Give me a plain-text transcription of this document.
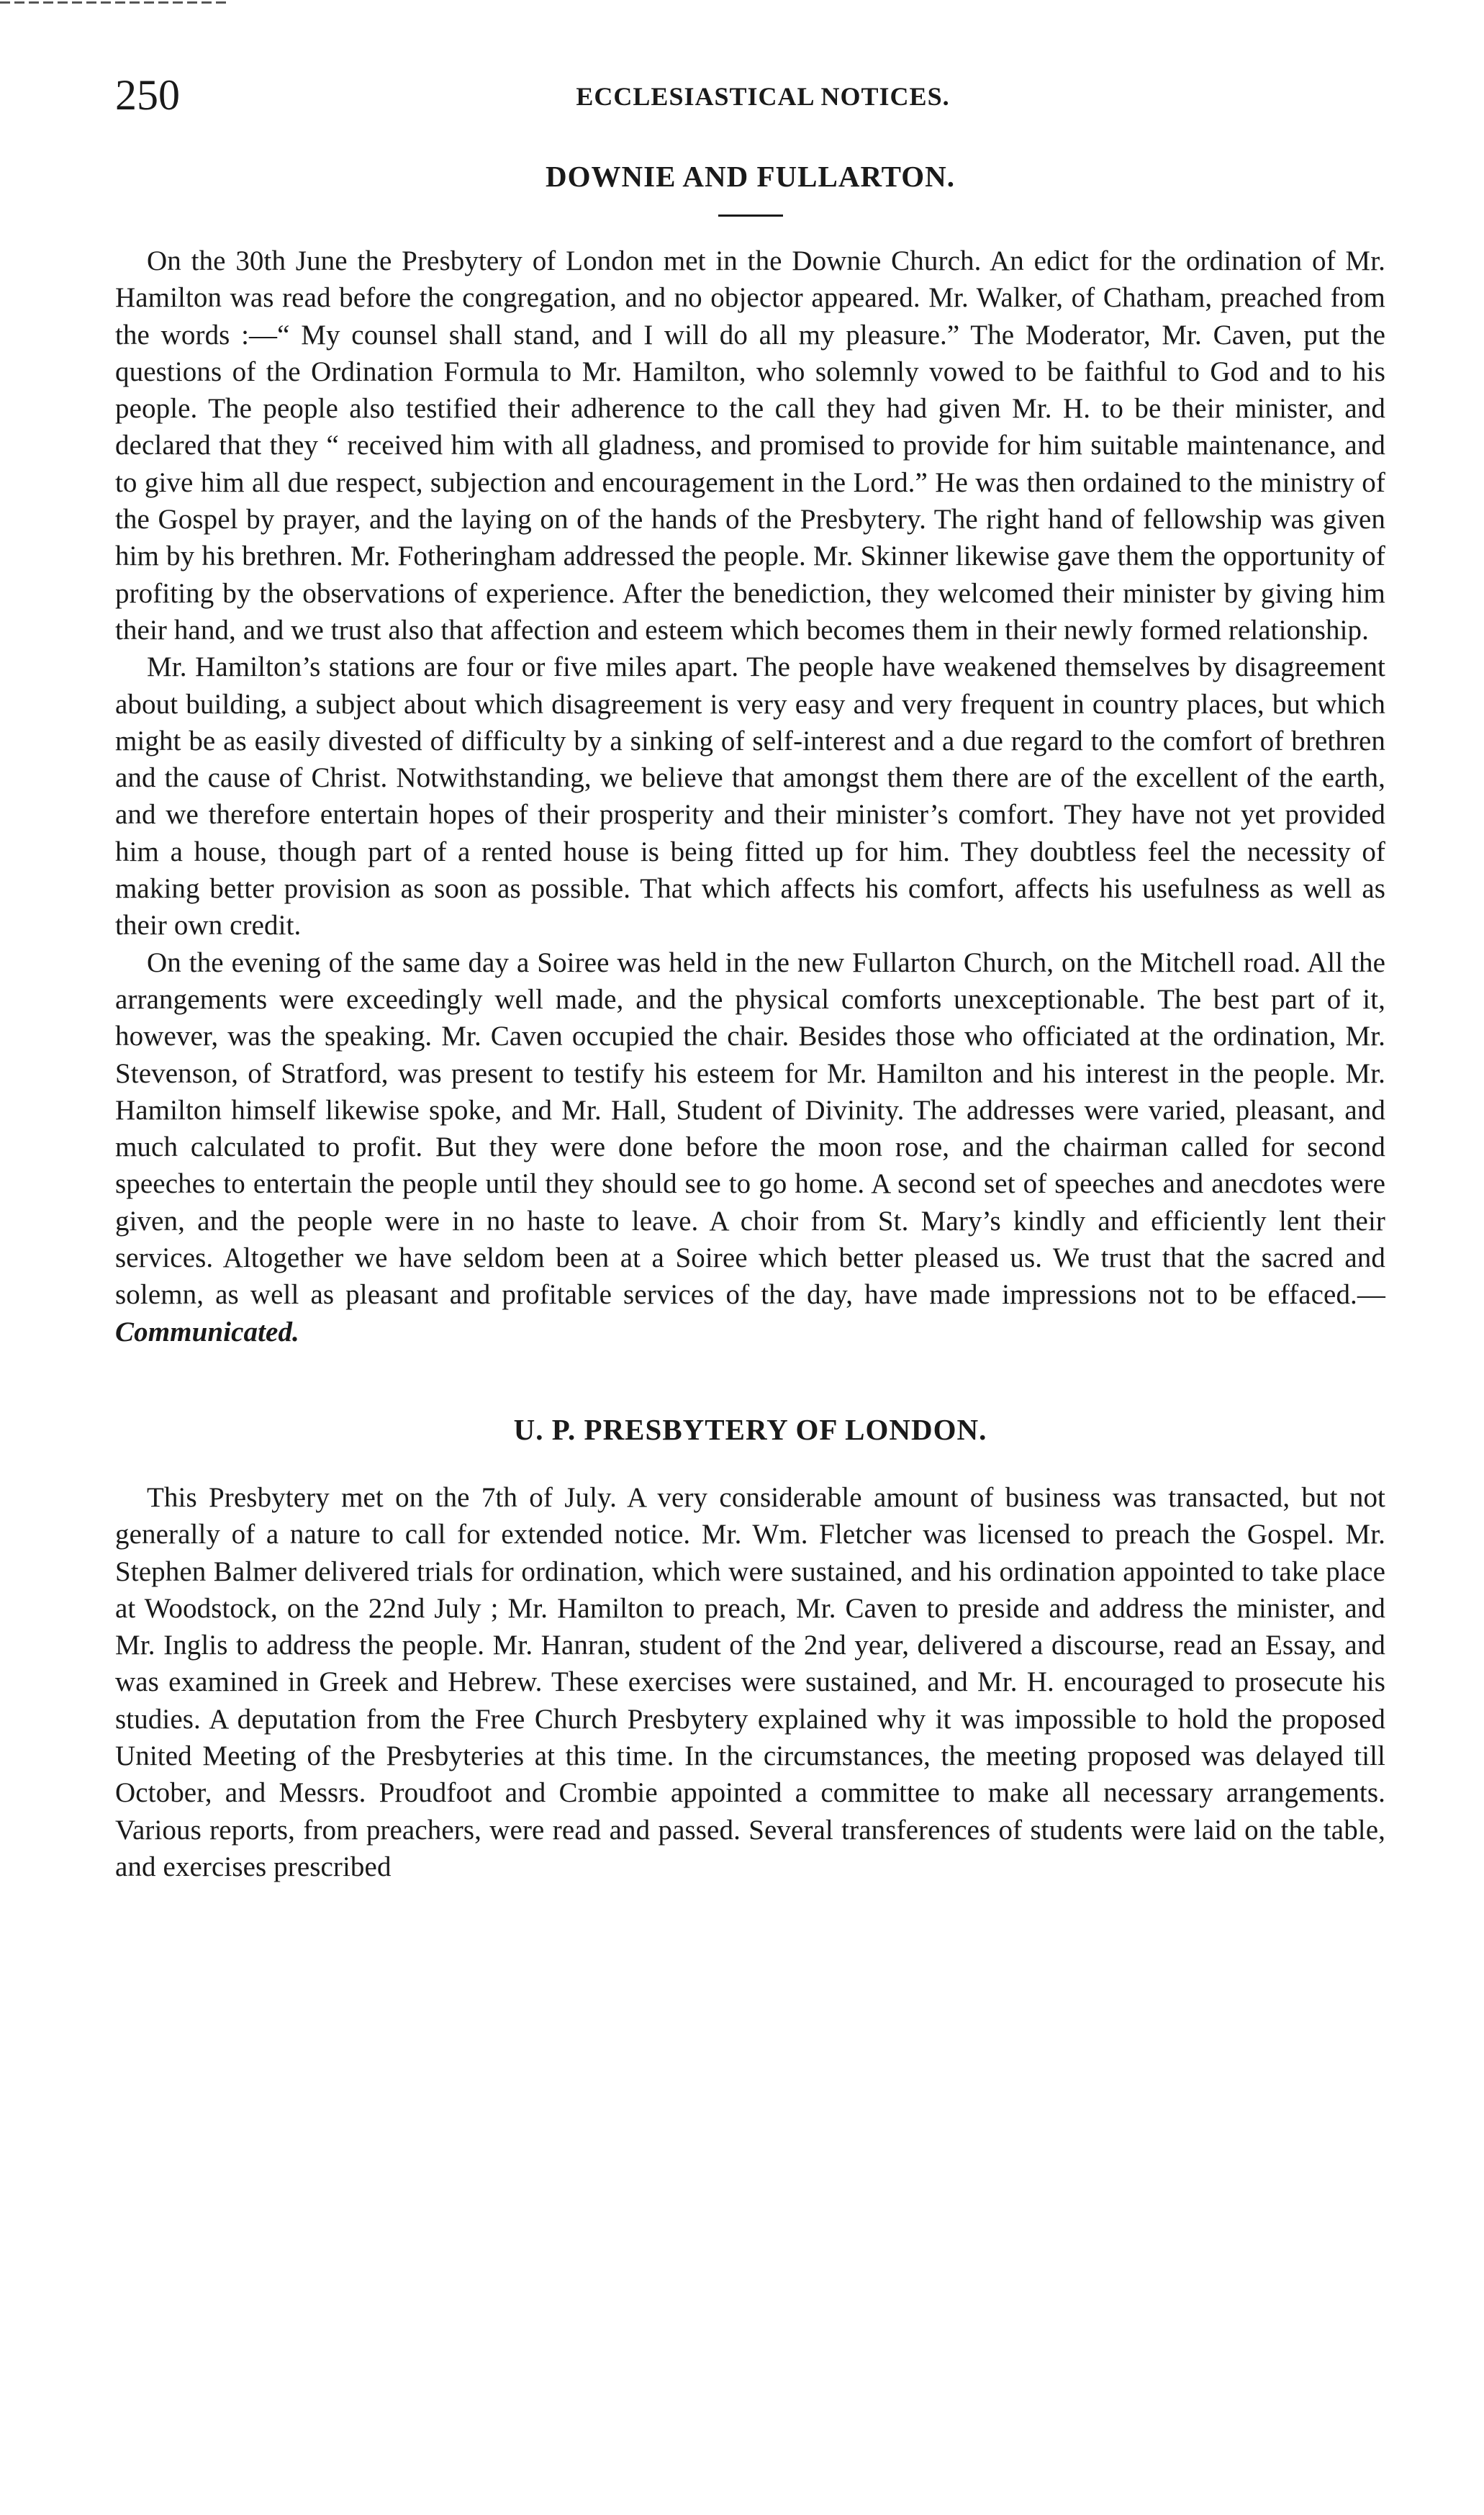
250	ECCLESIASTICAL NOTICES.
DOWNIE AND FULLARTON.

On the 30th June the Presbytery of London met in the Downie Church. An edict for the ordination of Mr. Hamilton was read before the congregation, and no objector appeared. Mr. Walker, of Chatham, preached from the words :—“ My counsel shall stand, and I will do all my pleasure.” The Moderator, Mr. Caven, put the questions of the Ordination Formula to Mr. Hamilton, who solemnly vowed to be faithful to God and to his people. The people also testified their adherence to the call they had given Mr. H. to be their minister, and declared that they “ received him with all gladness, and promised to provide for him suitable maintenance, and to give him all due respect, subjection and encouragement in the Lord.” He was then ordained to the ministry of the Gospel by prayer, and the laying on of the hands of the Presbytery. The right hand of fellowship was given him by his brethren. Mr. Fotheringham addressed the people. Mr. Skinner likewise gave them the opportunity of profiting by the observations of experience. After the benediction, they welcomed their minister by giving him their hand, and we trust also that affection and esteem which becomes them in their newly formed relationship.

Mr. Hamilton’s stations are four or five miles apart. The people have weakened themselves by disagreement about building, a subject about which disagreement is very easy and very frequent in country places, but which might be as easily divested of difficulty by a sinking of self-interest and a due regard to the comfort of brethren and the cause of Christ. Notwithstanding, we believe that amongst them there are of the excellent of the earth, and we therefore entertain hopes of their prosperity and their minister’s comfort. They have not yet provided him a house, though part of a rented house is being fitted up for him. They doubtless feel the necessity of making better provision as soon as possible. That which affects his comfort, affects his usefulness as well as their own credit.

On the evening of the same day a Soiree was held in the new Fullarton Church, on the Mitchell road. All the arrangements were exceedingly well made, and the physical comforts unexceptionable. The best part of it, however, was the speaking. Mr. Caven occupied the chair. Besides those who officiated at the ordination, Mr. Stevenson, of Stratford, was present to testify his esteem for Mr. Hamilton and his interest in the people. Mr. Hamilton himself likewise spoke, and Mr. Hall, Student of Divinity. The addresses were varied, pleasant, and much calculated to profit. But they were done before the moon rose, and the chairman called for second speeches to entertain the people until they should see to go home. A second set of speeches and anecdotes were given, and the people were in no haste to leave. A choir from St. Mary’s kindly and efficiently lent their services. Altogether we have seldom been at a Soiree which better pleased us. We trust that the sacred and solemn, as well as pleasant and profitable services of the day, have made impressions not to be effaced.—Communicated.

U. P. PRESBYTERY OF LONDON.

This Presbytery met on the 7th of July. A very considerable amount of business was transacted, but not generally of a nature to call for extended notice. Mr. Wm. Fletcher was licensed to preach the Gospel. Mr. Stephen Balmer delivered trials for ordination, which were sustained, and his ordination appointed to take place at Woodstock, on the 22nd July ; Mr. Hamilton to preach, Mr. Caven to preside and address the minister, and Mr. Inglis to address the people. Mr. Hanran, student of the 2nd year, delivered a discourse, read an Essay, and was examined in Greek and Hebrew. These exercises were sustained, and Mr. H. encouraged to prosecute his studies. A deputation from the Free Church Presbytery explained why it was impossible to hold the proposed United Meeting of the Presbyteries at this time. In the circumstances, the meeting proposed was delayed till October, and Messrs. Proudfoot and Crombie appointed a committee to make all necessary arrangements. Various reports, from preachers, were read and passed. Several transferences of students were laid on the table, and exercises prescribed
